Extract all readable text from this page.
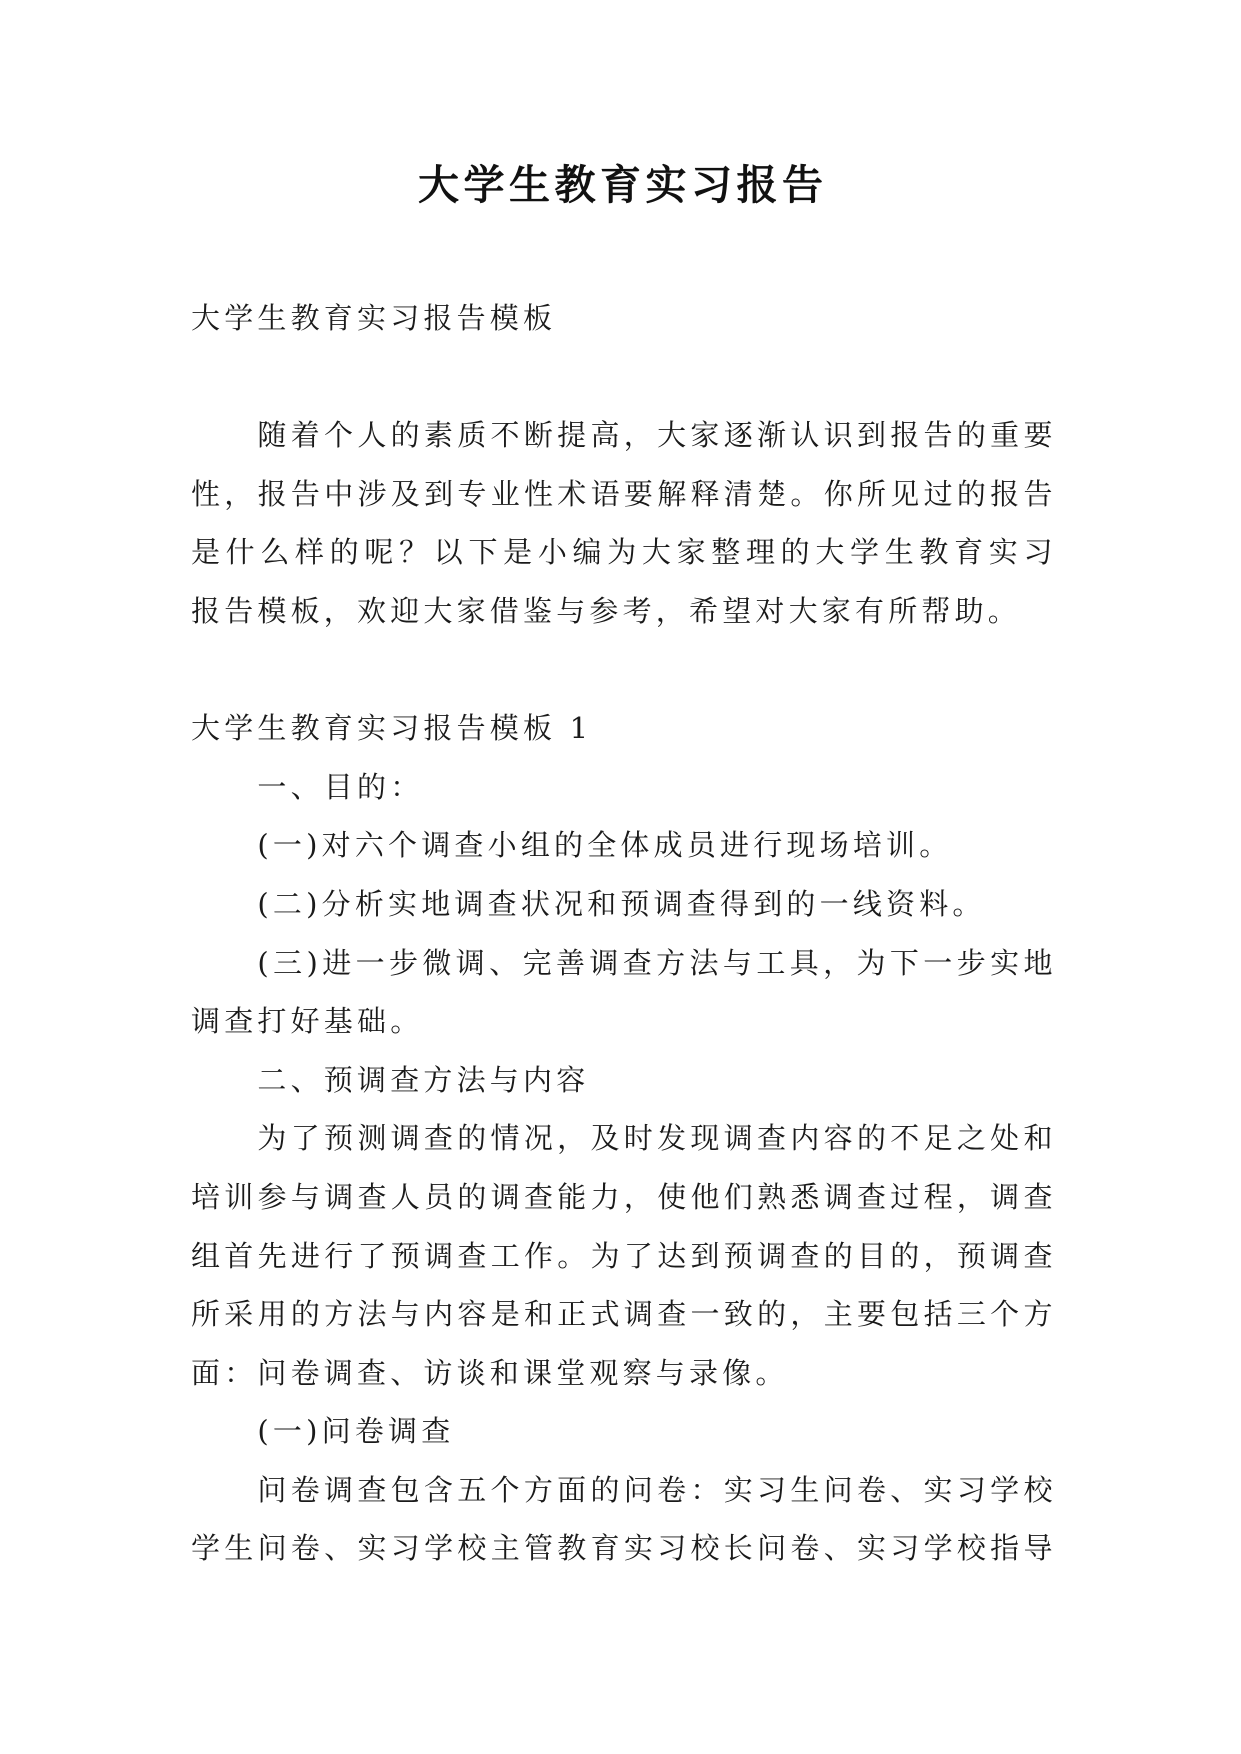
大学生教育实习报告

大学生教育实习报告模板

随着个人的素质不断提高，大家逐渐认识到报告的重要

性，报告中涉及到专业性术语要解释清楚。你所见过的报告

是什么样的呢？以下是小编为大家整理的大学生教育实习

报告模板，欢迎大家借鉴与参考，希望对大家有所帮助。

大学生教育实习报告模板 1

一、目的：

(一)对六个调查小组的全体成员进行现场培训。

(二)分析实地调查状况和预调查得到的一线资料。

(三)进一步微调、完善调查方法与工具，为下一步实地

调查打好基础。

二、预调查方法与内容

为了预测调查的情况，及时发现调查内容的不足之处和

培训参与调查人员的调查能力，使他们熟悉调查过程，调查

组首先进行了预调查工作。为了达到预调查的目的，预调查

所采用的方法与内容是和正式调查一致的，主要包括三个方

面：问卷调查、访谈和课堂观察与录像。

(一)问卷调查

问卷调查包含五个方面的问卷：实习生问卷、实习学校

学生问卷、实习学校主管教育实习校长问卷、实习学校指导
